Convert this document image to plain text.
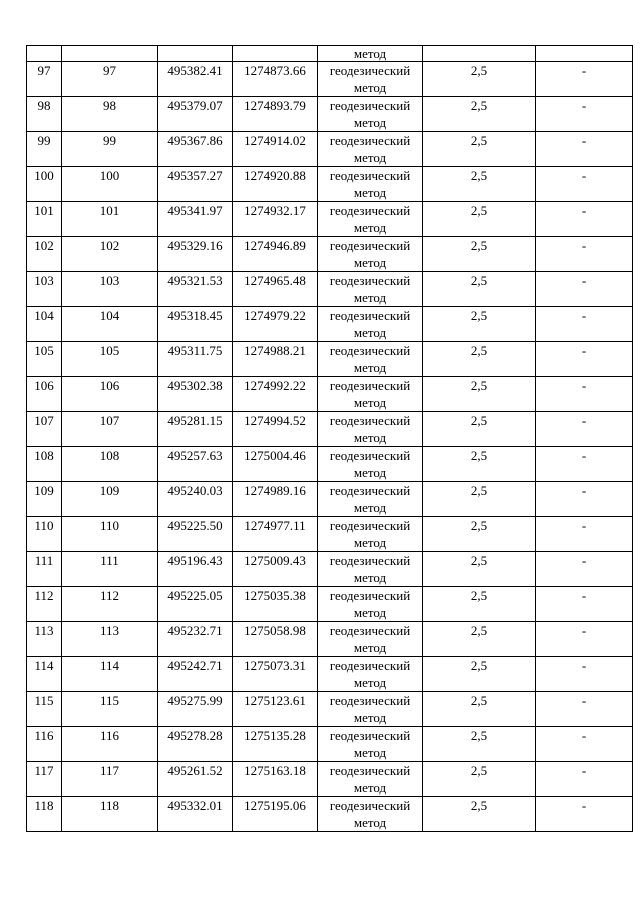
				метод		
97	97	495382.41	1274873.66	геодезический
метод	2,5	-
98	98	495379.07	1274893.79	геодезический
метод	2,5	-
99	99	495367.86	1274914.02	геодезический
метод	2,5	-
100	100	495357.27	1274920.88	геодезический
метод	2,5	-
101	101	495341.97	1274932.17	геодезический
метод	2,5	-
102	102	495329.16	1274946.89	геодезический
метод	2,5	-
103	103	495321.53	1274965.48	геодезический
метод	2,5	-
104	104	495318.45	1274979.22	геодезический
метод	2,5	-
105	105	495311.75	1274988.21	геодезический
метод	2,5	-
106	106	495302.38	1274992.22	геодезический
метод	2,5	-
107	107	495281.15	1274994.52	геодезический
метод	2,5	-
108	108	495257.63	1275004.46	геодезический
метод	2,5	-
109	109	495240.03	1274989.16	геодезический
метод	2,5	-
110	110	495225.50	1274977.11	геодезический
метод	2,5	-
111	111	495196.43	1275009.43	геодезический
метод	2,5	-
112	112	495225.05	1275035.38	геодезический
метод	2,5	-
113	113	495232.71	1275058.98	геодезический
метод	2,5	-
114	114	495242.71	1275073.31	геодезический
метод	2,5	-
115	115	495275.99	1275123.61	геодезический
метод	2,5	-
116	116	495278.28	1275135.28	геодезический
метод	2,5	-
117	117	495261.52	1275163.18	геодезический
метод	2,5	-
118	118	495332.01	1275195.06	геодезический
метод	2,5	-
